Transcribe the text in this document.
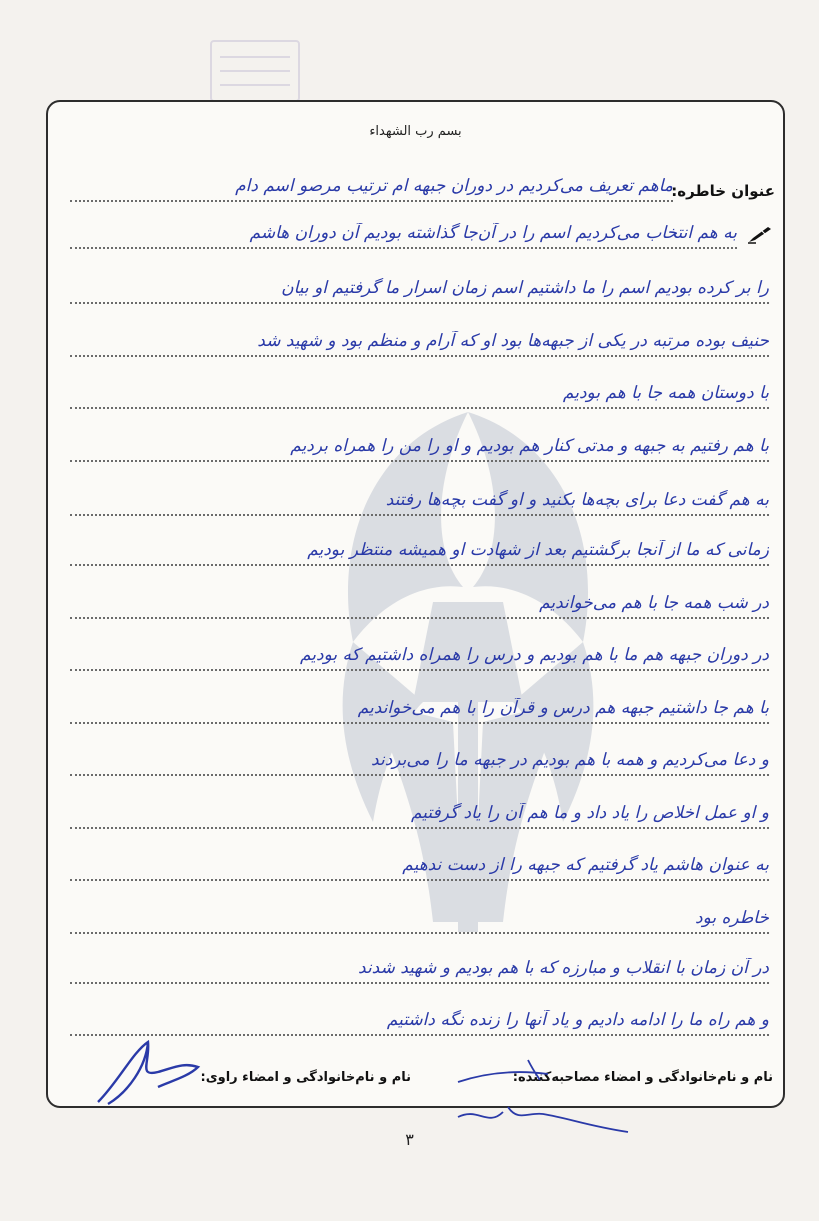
بسم رب الشهداء
عنوان خاطره:
ماهم تعریف می‌کردیم در دوران جبهه ام ترتیب مرصو اسم دام
به هم انتخاب می‌کردیم اسم را در آن‌جا گذاشته بودیم آن دوران هاشم
را بر کرده بودیم اسم را ما داشتیم اسم زمان اسرار ما گرفتیم او بیان
حنیف بوده مرتبه در یکی از جبهه‌ها بود او که آرام و منظم بود و شهید شد
با دوستان همه جا با هم بودیم
با هم رفتیم به جبهه و مدتی کنار هم بودیم و او را من را همراه بردیم
به هم گفت دعا برای بچه‌ها بکنید و او گفت بچه‌ها رفتند
زمانی که ما از آنجا برگشتیم بعد از شهادت او همیشه منتظر بودیم
در شب همه جا با هم می‌خواندیم
در دوران جبهه هم ما با هم بودیم و درس را همراه داشتیم که بودیم
با هم جا داشتیم جبهه هم درس و قرآن را با هم می‌خواندیم
و دعا می‌کردیم و همه با هم بودیم در جبهه ما را می‌بردند
و او عمل اخلاص را یاد داد و ما هم آن را یاد گرفتیم
به عنوان هاشم یاد گرفتیم که جبهه را از دست ندهیم
خاطره بود
در آن زمان با انقلاب و مبارزه که با هم بودیم و شهید شدند
و هم راه ما را ادامه دادیم و یاد آنها را زنده نگه داشتیم
نام و نام‌خانوادگی و امضاء مصاحبه‌کننده:
نام و نام‌خانوادگی و امضاء راوی:
۳
